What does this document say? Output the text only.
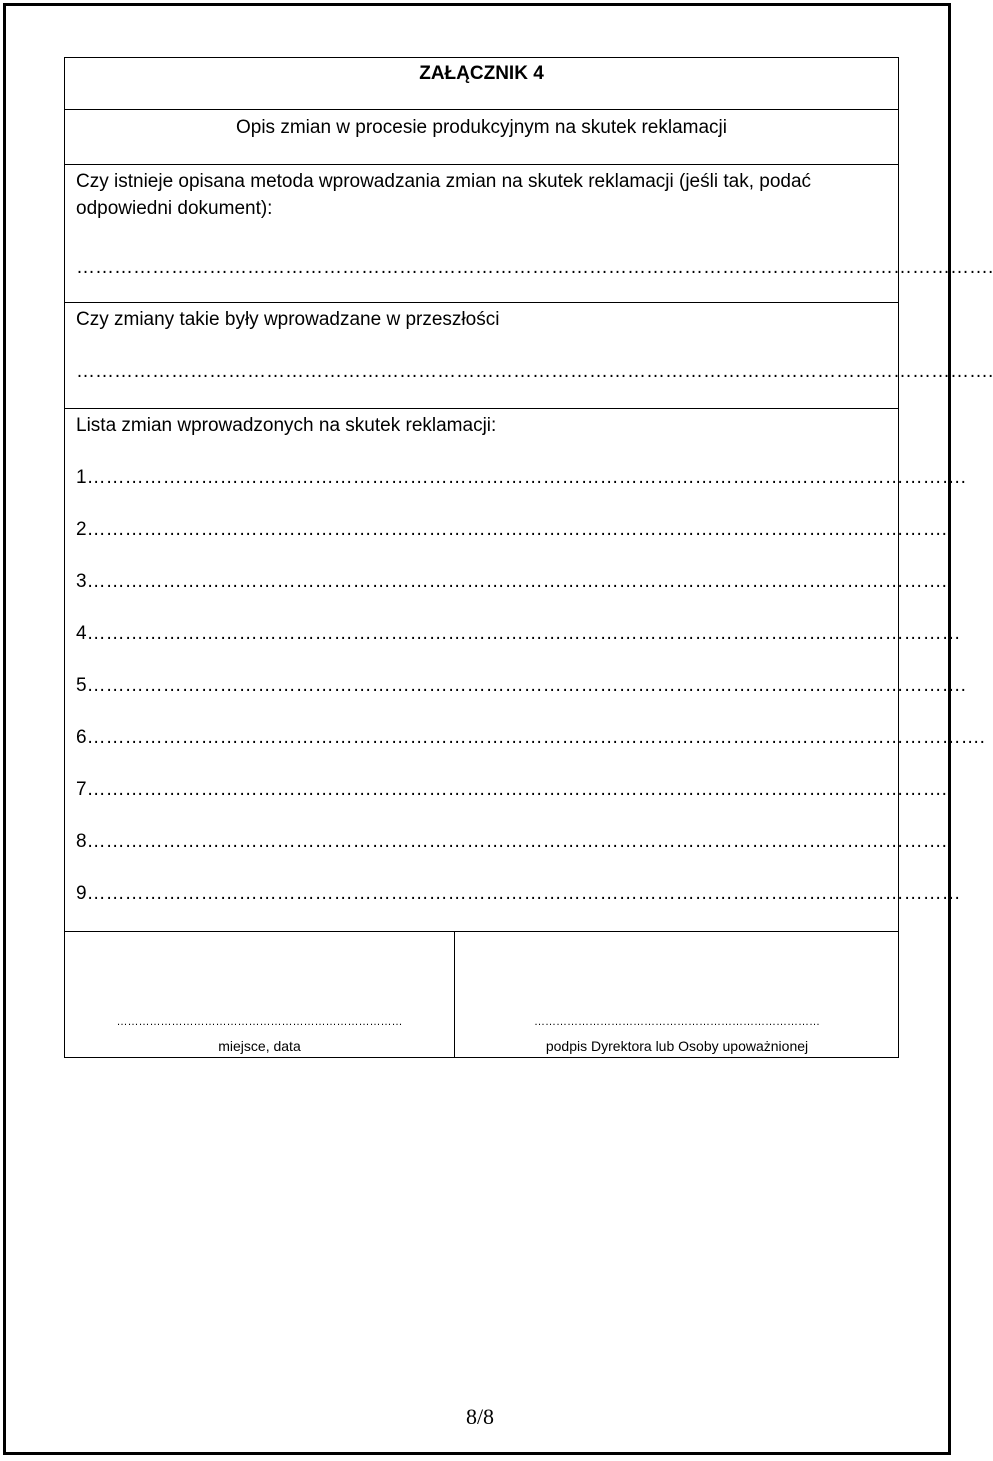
ZAŁĄCZNIK 4
Opis zmian w procesie produkcyjnym na skutek reklamacji
Czy istnieje opisana metoda wprowadzania zmian na skutek reklamacji (jeśli tak, podać odpowiedni dokument):
……………………………………………………………………………………………………………………………….
Czy zmiany takie były wprowadzane w przeszłości
……………………………………………………………………………………………………………………………….
Lista zmian wprowadzonych na skutek reklamacji:
1………………………………………………………………………………………………………………………….
2………………………………………………………………………………………………………………………..
3………………………………………………………………………………………………………………………..
4…………………………………………………………………………………………………………………………
5………………………………………………………………………………………………………………………….
6…………………………………………………………………………………………………………………………….
7………………………………………………………………………………………………………………………..
8………………………………………………………………………………………………………………………..
9…………………………………………………………………………………………………………………………
……………………………………………………………………
miejsce, data
……………………………………………………………………
podpis Dyrektora lub Osoby upoważnionej
8/8
